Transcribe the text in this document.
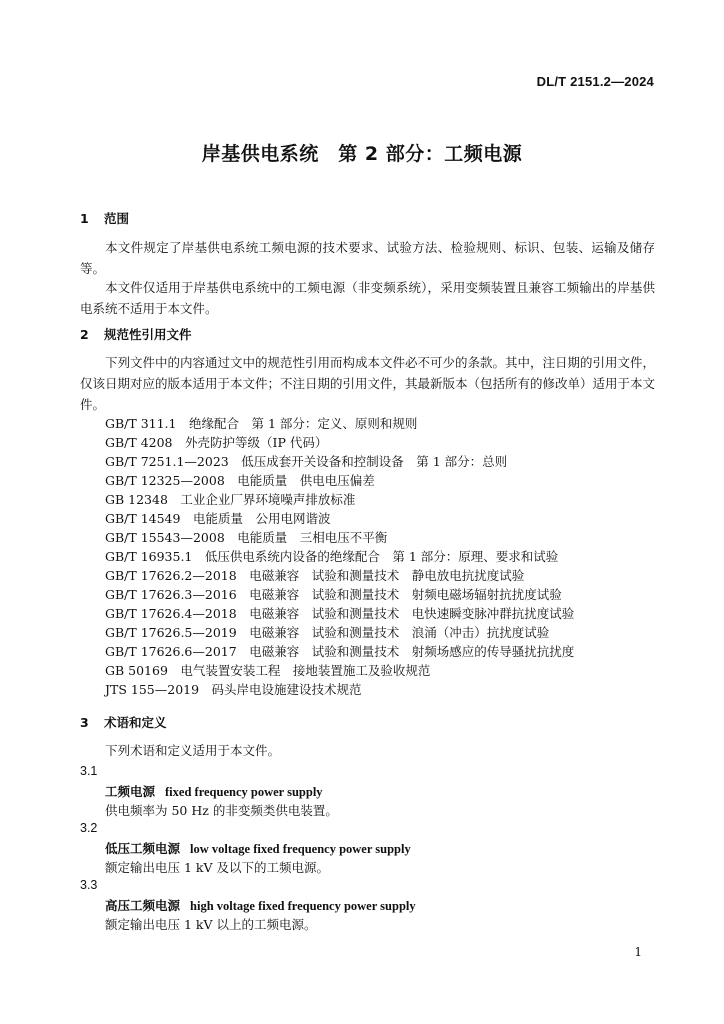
DL/T 2151.2—2024
岸基供电系统　第 2 部分：工频电源
1 范围
本文件规定了岸基供电系统工频电源的技术要求、试验方法、检验规则、标识、包装、运输及储存等。
本文件仅适用于岸基供电系统中的工频电源（非变频系统），采用变频装置且兼容工频输出的岸基供电系统不适用于本文件。
2 规范性引用文件
下列文件中的内容通过文中的规范性引用而构成本文件必不可少的条款。其中，注日期的引用文件，仅该日期对应的版本适用于本文件；不注日期的引用文件，其最新版本（包括所有的修改单）适用于本文件。
GB/T 311.1　绝缘配合　第 1 部分：定义、原则和规则
GB/T 4208　外壳防护等级（IP 代码）
GB/T 7251.1—2023　低压成套开关设备和控制设备　第 1 部分：总则
GB/T 12325—2008　电能质量　供电电压偏差
GB 12348　工业企业厂界环境噪声排放标准
GB/T 14549　电能质量　公用电网谐波
GB/T 15543—2008　电能质量　三相电压不平衡
GB/T 16935.1　低压供电系统内设备的绝缘配合　第 1 部分：原理、要求和试验
GB/T 17626.2—2018　电磁兼容　试验和测量技术　静电放电抗扰度试验
GB/T 17626.3—2016　电磁兼容　试验和测量技术　射频电磁场辐射抗扰度试验
GB/T 17626.4—2018　电磁兼容　试验和测量技术　电快速瞬变脉冲群抗扰度试验
GB/T 17626.5—2019　电磁兼容　试验和测量技术　浪涌（冲击）抗扰度试验
GB/T 17626.6—2017　电磁兼容　试验和测量技术　射频场感应的传导骚扰抗扰度
GB 50169　电气装置安装工程　接地装置施工及验收规范
JTS 155—2019　码头岸电设施建设技术规范
3 术语和定义
下列术语和定义适用于本文件。
3.1
工频电源 fixed frequency power supply
供电频率为 50 Hz 的非变频类供电装置。
3.2
低压工频电源 low voltage fixed frequency power supply
额定输出电压 1 kV 及以下的工频电源。
3.3
高压工频电源 high voltage fixed frequency power supply
额定输出电压 1 kV 以上的工频电源。
1
